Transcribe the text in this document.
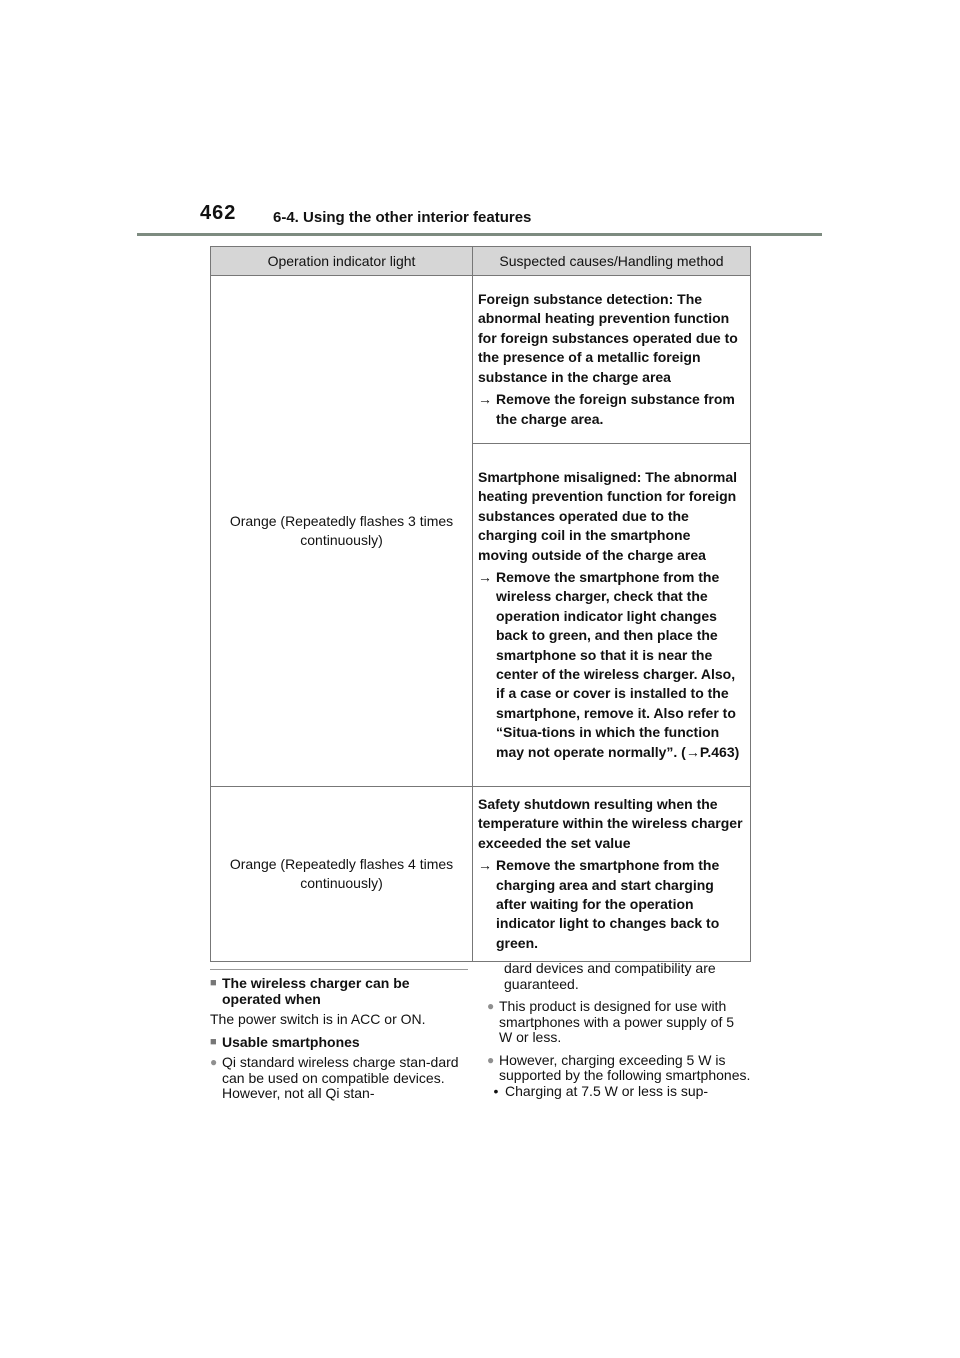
462 6-4. Using the other interior features
Operation indicator light	Suspected causes/Handling method
Orange (Repeatedly flashes 3 times continuously)	Foreign substance detection: The abnormal heating prevention function for foreign substances operated due to the presence of a metallic foreign substance in the charge area

→ Remove the foreign substance from the charge area.

	Smartphone misaligned: The abnormal heating prevention function for foreign substances operated due to the charging coil in the smartphone moving outside of the charge area

→ Remove the smartphone from the wireless charger, check that the operation indicator light changes back to green, and then place the smartphone so that it is near the center of the wireless charger. Also, if a case or cover is installed to the smartphone, remove it. Also refer to “Situa-tions in which the function may not operate normally”. (→P.463)

Orange (Repeatedly flashes 4 times continuously)	Safety shutdown resulting when the temperature within the wireless charger exceeded the set value

→ Remove the smartphone from the charging area and start charging after waiting for the operation indicator light to changes back to green.
■ The wireless charger can be operated when
The power switch is in ACC or ON.
■ Usable smartphones
● Qi standard wireless charge stan-dard can be used on compatible devices. However, not all Qi stan-
dard devices and compatibility are guaranteed.
● This product is designed for use with smartphones with a power supply of 5 W or less.
● However, charging exceeding 5 W is supported by the following smartphones.
• Charging at 7.5 W or less is sup-
